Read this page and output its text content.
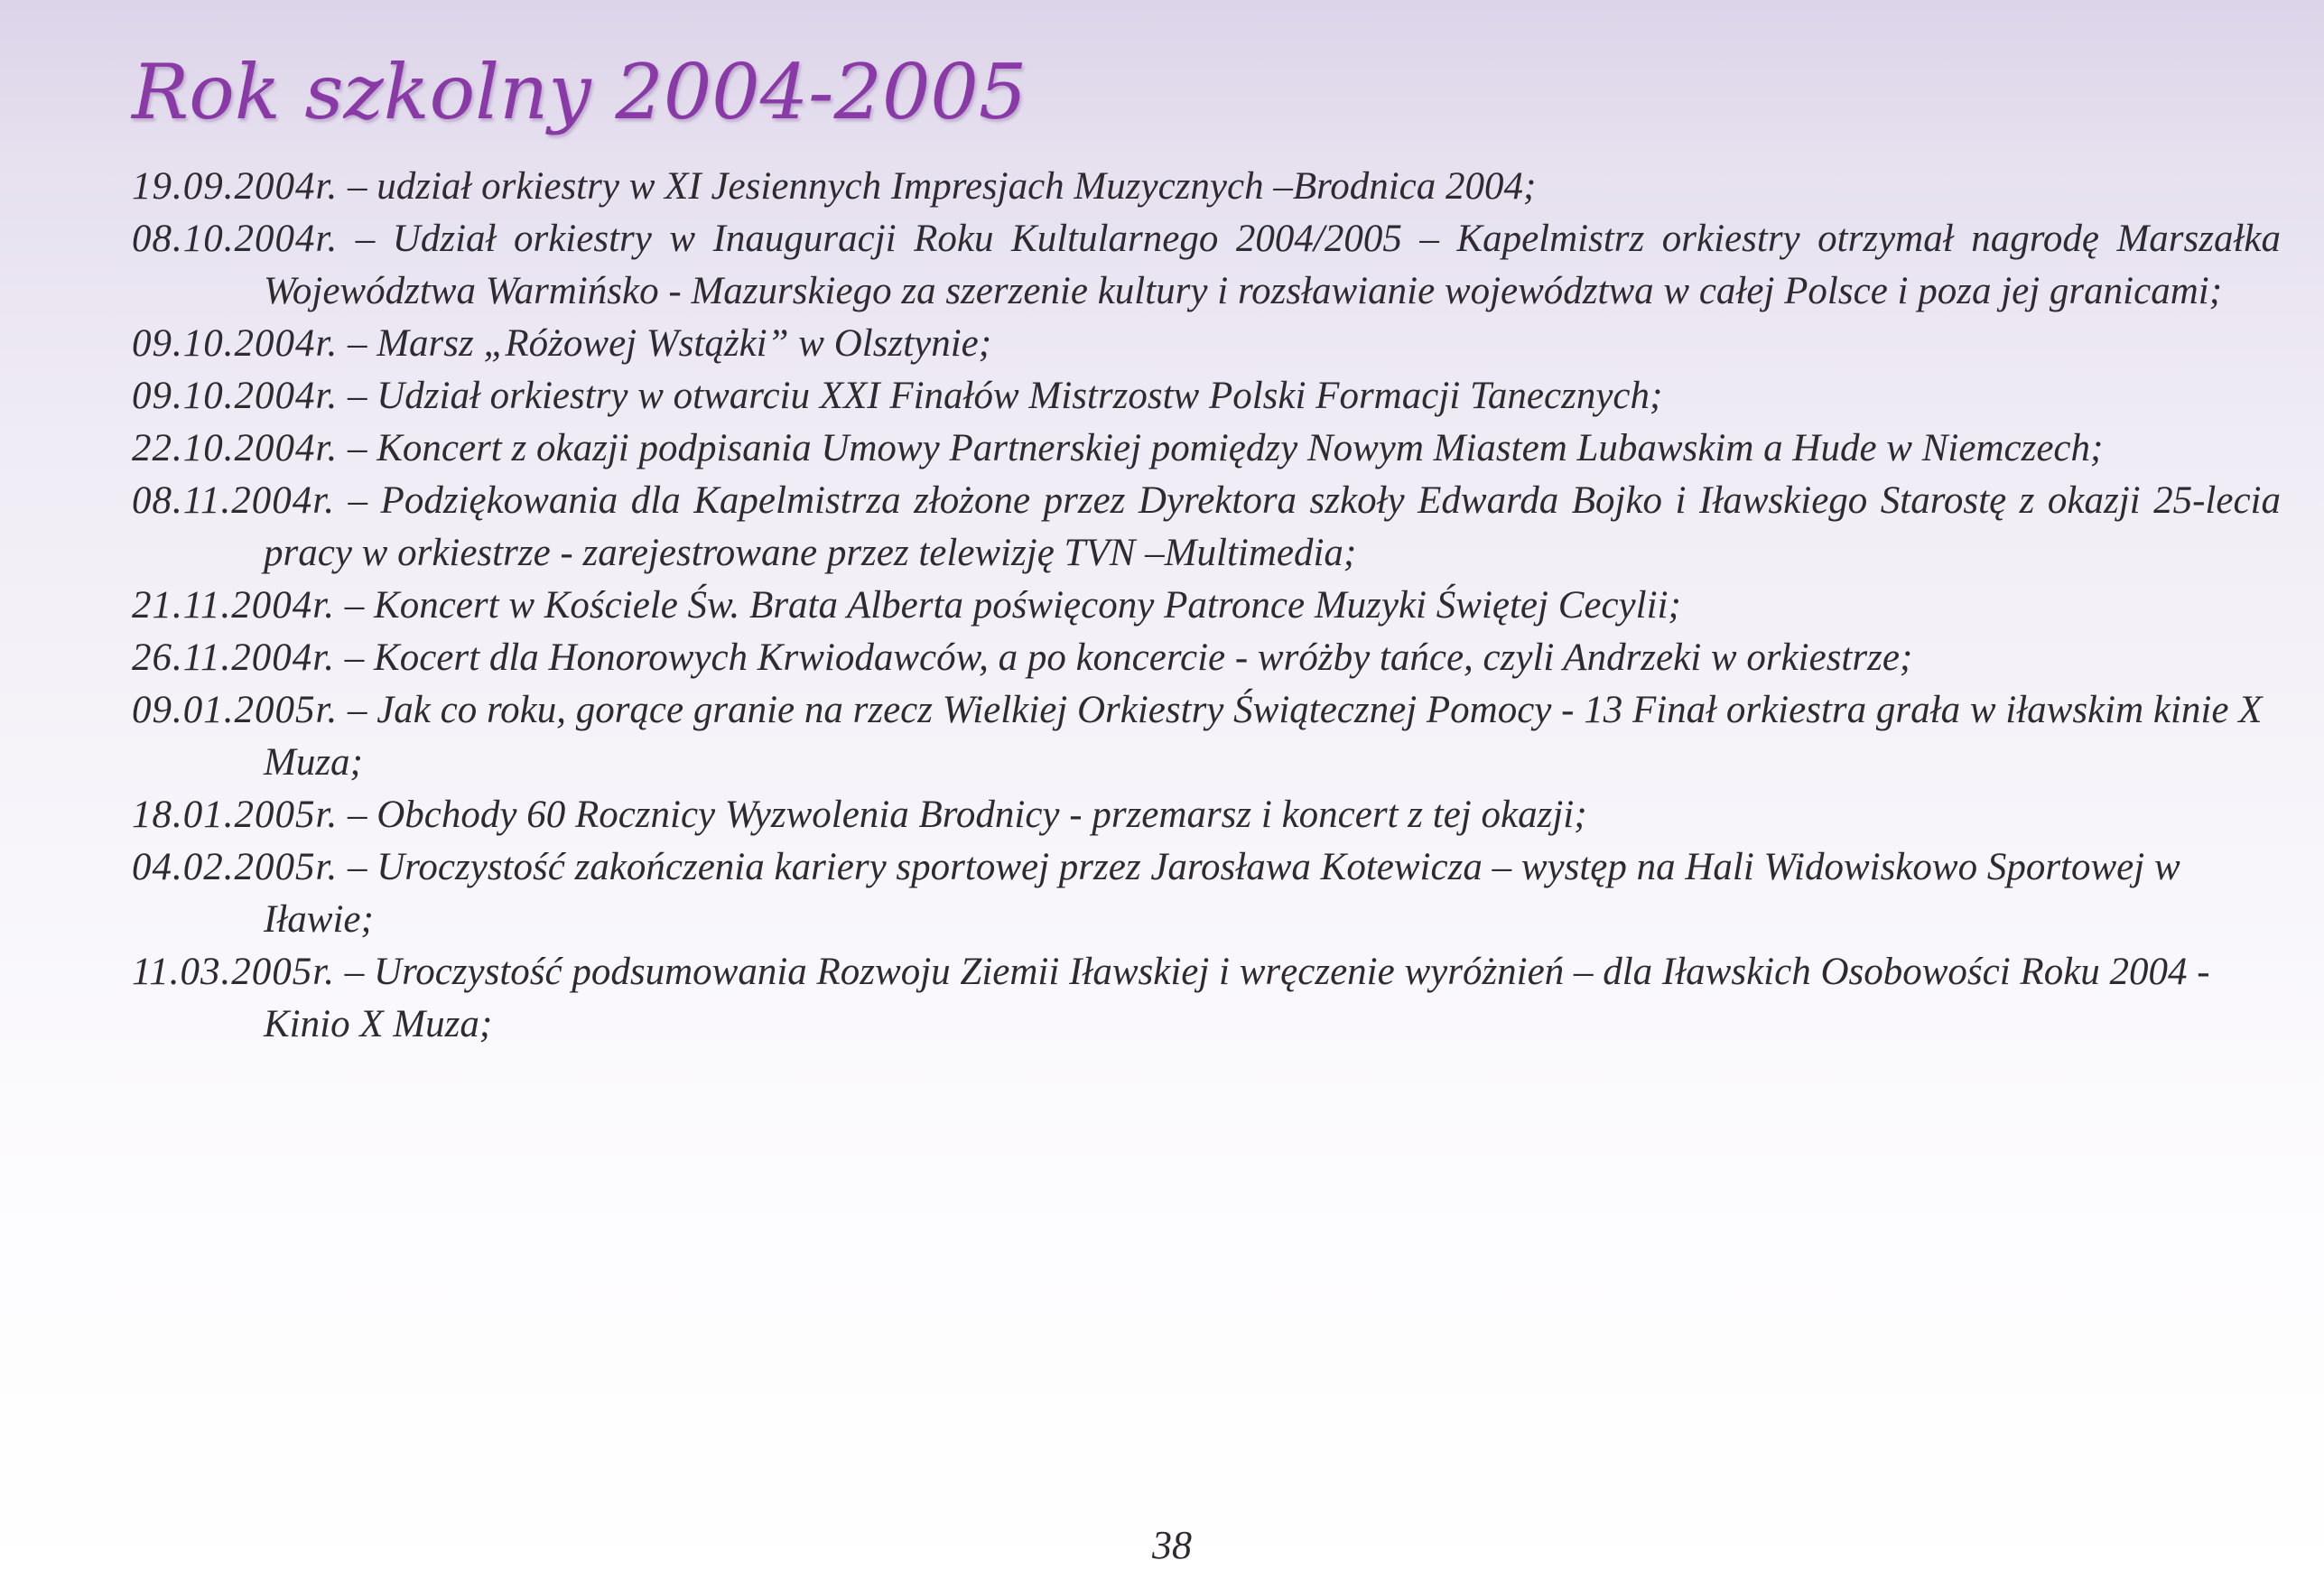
Rok szkolny 2004-2005
19.09.2004r. – udział orkiestry w XI Jesiennych Impresjach Muzycznych –Brodnica 2004;
08.10.2004r. – Udział orkiestry w Inauguracji Roku Kultularnego 2004/2005 – Kapelmistrz orkiestry otrzymał nagrodę Marszałka Województwa Warmińsko - Mazurskiego za szerzenie kultury i rozsławianie województwa w całej Polsce i poza jej granicami;
09.10.2004r. – Marsz „Różowej Wstążki” w Olsztynie;
09.10.2004r. – Udział orkiestry w otwarciu XXI Finałów Mistrzostw Polski Formacji Tanecznych;
22.10.2004r. – Koncert z okazji podpisania Umowy Partnerskiej pomiędzy Nowym Miastem Lubawskim a Hude w Niemczech;
08.11.2004r. – Podziękowania dla Kapelmistrza złożone przez Dyrektora szkoły Edwarda Bojko i Iławskiego Starostę z okazji 25-lecia pracy w orkiestrze - zarejestrowane przez telewizję TVN –Multimedia;
21.11.2004r. – Koncert w Kościele Św. Brata Alberta poświęcony Patronce Muzyki Świętej Cecylii;
26.11.2004r. – Kocert dla Honorowych Krwiodawców, a po koncercie - wróżby tańce, czyli Andrzeki w orkiestrze;
09.01.2005r. – Jak co roku, gorące granie na rzecz Wielkiej Orkiestry Świątecznej Pomocy - 13 Finał orkiestra grała w iławskim kinie X Muza;
18.01.2005r. – Obchody 60 Rocznicy Wyzwolenia Brodnicy - przemarsz i koncert z tej okazji;
04.02.2005r. – Uroczystość zakończenia kariery sportowej przez Jarosława Kotewicza – występ na Hali Widowiskowo Sportowej w Iławie;
11.03.2005r. – Uroczystość podsumowania Rozwoju Ziemii Iławskiej i wręczenie wyróżnień – dla Iławskich Osobowości Roku 2004 - Kinio X Muza;
38
